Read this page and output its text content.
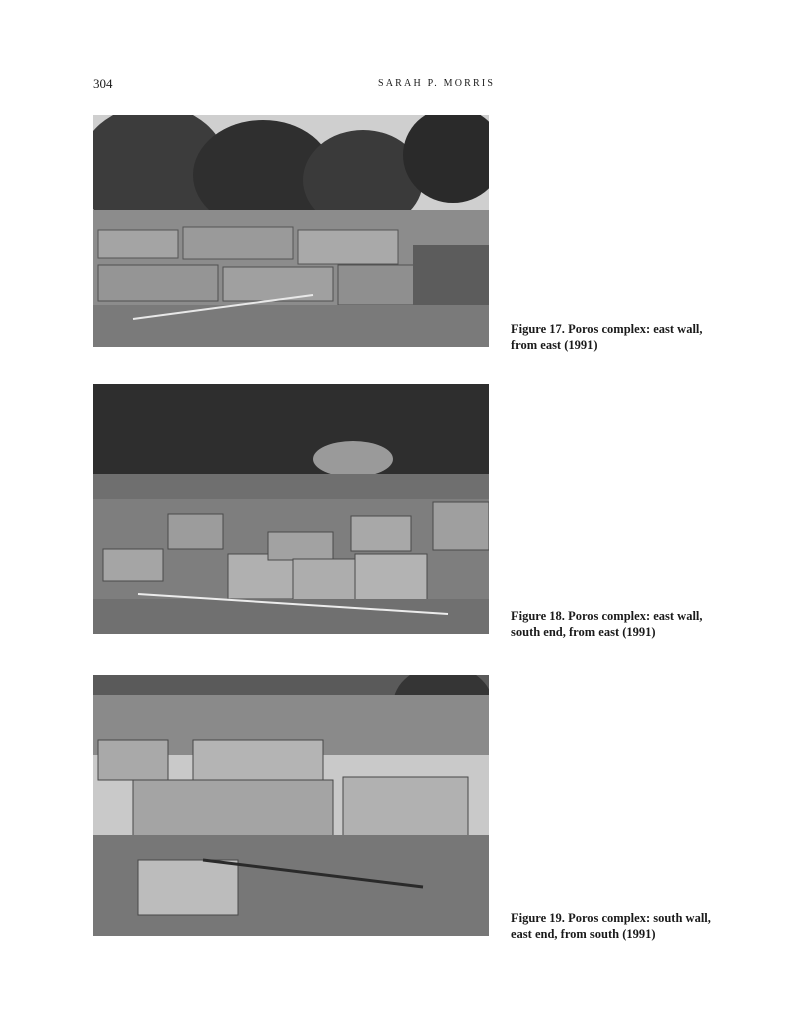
304	SARAH P. MORRIS
Figure 17. Poros complex: east wall, from east (1991)
Figure 18. Poros complex: east wall, south end, from east (1991)
Figure 19. Poros complex: south wall, east end, from south (1991)
